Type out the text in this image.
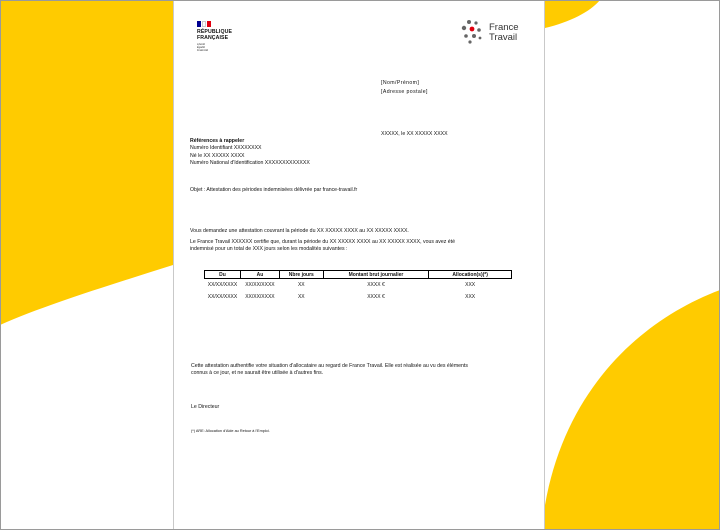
RÉPUBLIQUE
FRANÇAISE
Liberté
Égalité
Fraternité
France
Travail
[Nom/Prénom]
[Adresse postale]
XXXXX, le XX XXXXX XXXX
Références à rappeler
Numéro Identifiant XXXXXXXX
Né le XX XXXXX XXXX
Numéro National d'Identification XXXXXXXXXXXXX
Objet : Attestation des périodes indemnisées délivrée par france-travail.fr
Vous demandez une attestation couvrant la période du XX XXXXX XXXX au XX XXXXX XXXX.
Le France Travail XXXXXX certifie que, durant la période du XX XXXXX XXXX au XX XXXXX XXXX, vous avez été
indemnisé pour un total de XXX jours selon les modalités suivantes :
Du	Au	Nbre jours	Montant brut journalier	Allocation(s)(*)
XX/XX/XXXX	XX/XX/XXXX	XX	XXXX €	XXX
XX/XX/XXXX	XX/XX/XXXX	XX	XXXX €	XXX
Cette attestation authentifie votre situation d'allocataire au regard de France Travail. Elle est réalisée au vu des éléments
connus à ce jour, et ne saurait être utilisée à d'autres fins.
Le Directeur
(*) ARE: Allocation d'Aide au Retour à l'Emploi.
